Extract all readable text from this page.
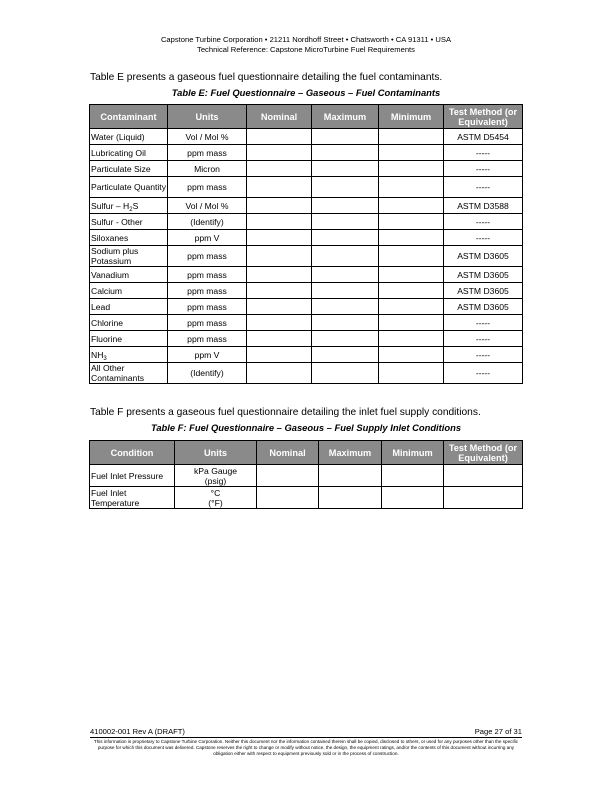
Capstone Turbine Corporation • 21211 Nordhoff Street • Chatsworth • CA 91311 • USA
Technical Reference: Capstone MicroTurbine Fuel Requirements
Table E presents a gaseous fuel questionnaire detailing the fuel contaminants.
Table E: Fuel Questionnaire – Gaseous – Fuel Contaminants
Contaminant	Units	Nominal	Maximum	Minimum	Test Method (or Equivalent)
Water (Liquid)	Vol / Mol %				ASTM D5454
Lubricating Oil	ppm mass				-----
Particulate Size	Micron				-----
Particulate Quantity	ppm mass				-----
Sulfur – $H_2S$	Vol / Mol %				ASTM D3588
Sulfur - Other	(Identify)				-----
Siloxanes	ppm V				-----
Sodium plus Potassium	ppm mass				ASTM D3605
Vanadium	ppm mass				ASTM D3605
Calcium	ppm mass				ASTM D3605
Lead	ppm mass				ASTM D3605
Chlorine	ppm mass				-----
Fluorine	ppm mass				-----
$NH_3$	ppm V				-----
All Other Contaminants	(Identify)				-----
Table F presents a gaseous fuel questionnaire detailing the inlet fuel supply conditions.
Table F: Fuel Questionnaire – Gaseous – Fuel Supply Inlet Conditions
Condition	Units	Nominal	Maximum	Minimum	Test Method (or Equivalent)
Fuel Inlet Pressure	kPa Gauge
(psig)				

Fuel Inlet Temperature	°C
(°F)				

410002-001 Rev A (DRAFT)	Page 27 of 31
This information is proprietary to Capstone Turbine Corporation. Neither this document nor the information contained therein shall be copied, disclosed to others, or used for any purposes other than the specific purpose for which this document was delivered. Capstone reserves the right to change or modify without notice, the design, the equipment ratings, and/or the contents of this document without incurring any obligation either with respect to equipment previously sold or in the process of construction.
